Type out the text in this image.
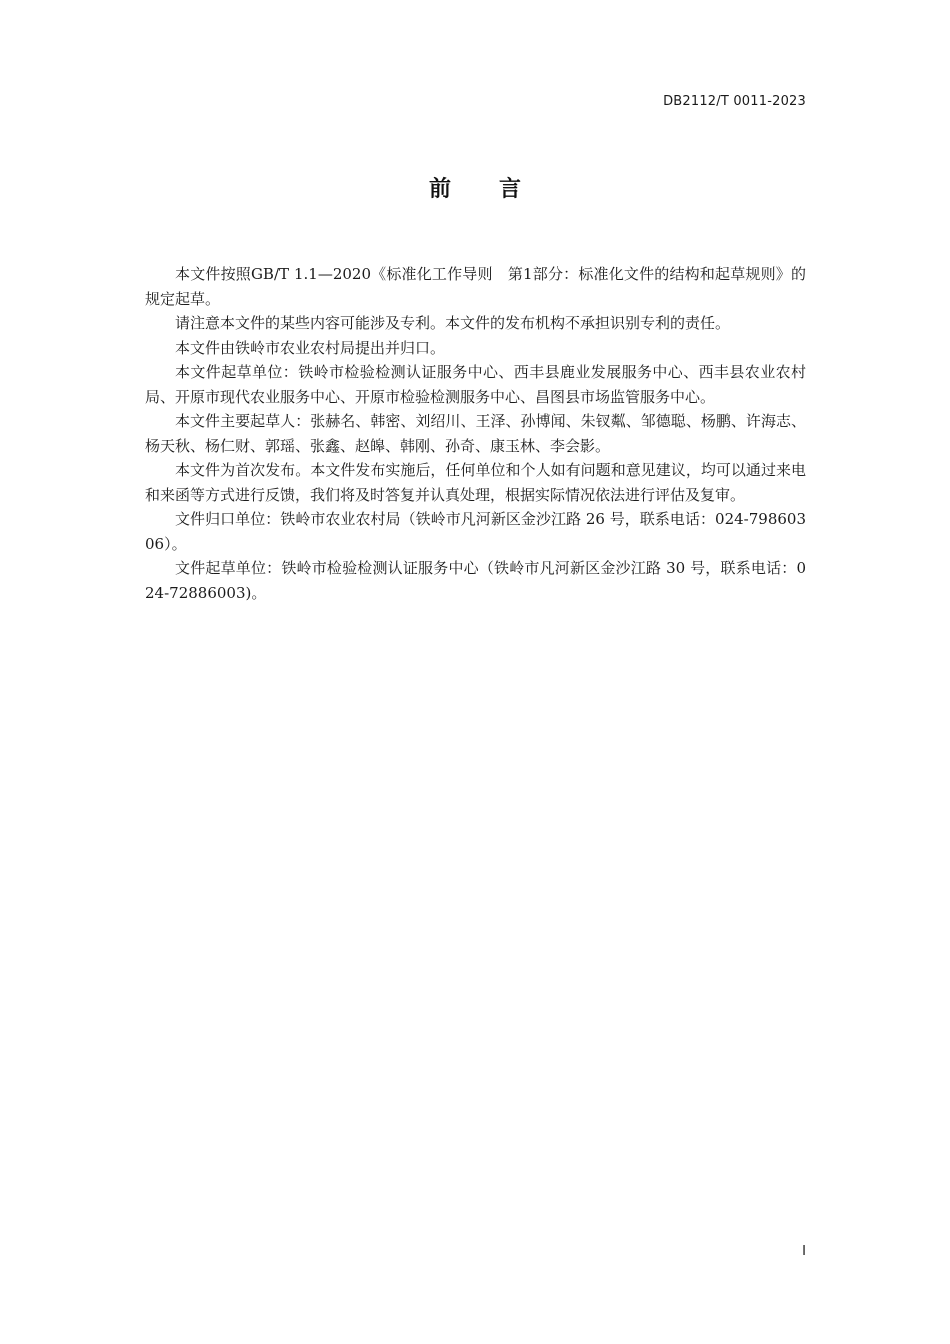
DB2112/T 0011-2023
前言

本文件按照GB/T 1.1—2020《标准化工作导则　第1部分：标准化文件的结构和起草规则》的规定起草。

请注意本文件的某些内容可能涉及专利。本文件的发布机构不承担识别专利的责任。

本文件由铁岭市农业农村局提出并归口。

本文件起草单位：铁岭市检验检测认证服务中心、西丰县鹿业发展服务中心、西丰县农业农村局、开原市现代农业服务中心、开原市检验检测服务中心、昌图县市场监管服务中心。

本文件主要起草人：张赫名、韩密、刘绍川、王泽、孙博闻、朱钗粼、邹德聪、杨鹏、许海志、杨天秋、杨仁财、郭瑶、张鑫、赵皞、韩刚、孙奇、康玉林、李会影。

本文件为首次发布。本文件发布实施后，任何单位和个人如有问题和意见建议，均可以通过来电和来函等方式进行反馈，我们将及时答复并认真处理，根据实际情况依法进行评估及复审。

文件归口单位：铁岭市农业农村局（铁岭市凡河新区金沙江路 26 号，联系电话：024-79860306）。

文件起草单位：铁岭市检验检测认证服务中心（铁岭市凡河新区金沙江路 30 号，联系电话：024-72886003)。

I
